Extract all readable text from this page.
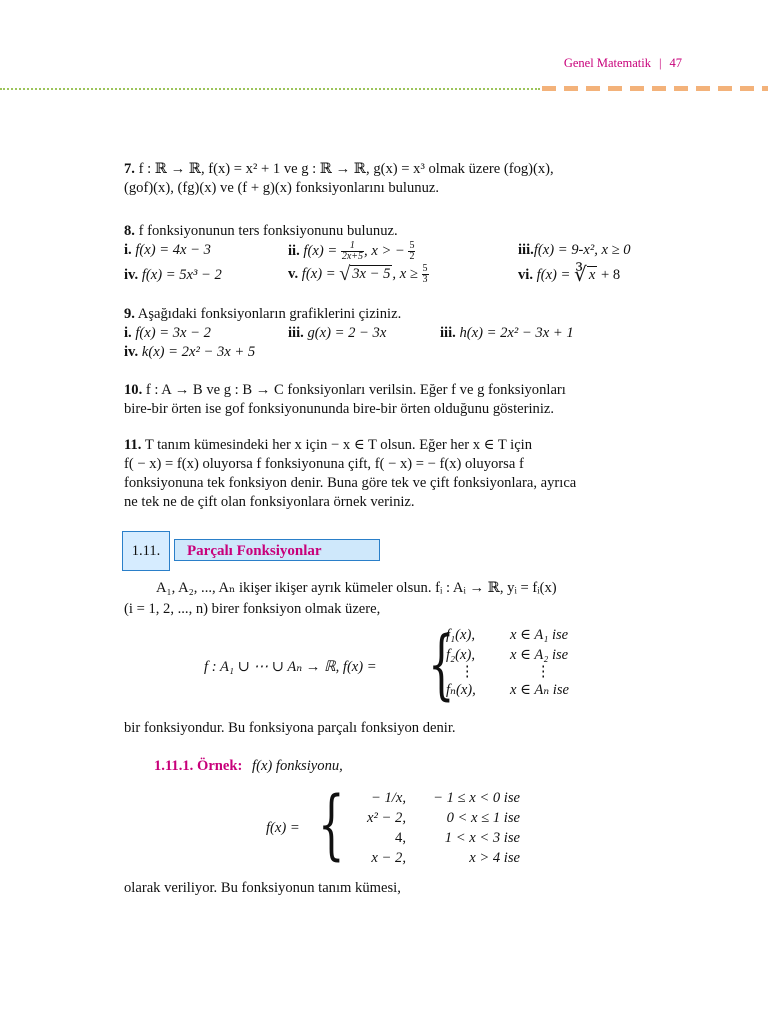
Genel Matematik | 47
7. f : ℝ → ℝ, f(x) = x² + 1 ve g : ℝ → ℝ, g(x) = x³ olmak üzere (fog)(x),
(gof)(x), (fg)(x) ve (f + g)(x) fonksiyonlarını bulunuz.
8. f fonksiyonunun ters fonksiyonunu bulunuz.
i. f(x) = 4x − 3	ii. $f(x) = \frac{1}{2x+5}$ , x > − $\frac{5}{2}$	iii.f(x) = 9-x², x ≥ 0
iv. f(x) = 5x³ − 2	v. f(x) = √ 3x − 5 , $x \ge \frac{5}{3}$	vi. f(x) = ∛ x + 8
9. Aşağıdaki fonksiyonların grafiklerini çiziniz.
i. f(x) = 3x − 2	iii. g(x) = 2 − 3x	iii. h(x) = 2x² − 3x + 1
iv. k(x) = 2x² − 3x + 5
10. f : A → B ve g : B → C fonksiyonları verilsin. Eğer f ve g fonksiyonları
bire-bir örten ise gof fonksiyonununda bire-bir örten olduğunu gösteriniz.
11. T tanım kümesindeki her x için − x ∈ T olsun. Eğer her x ∈ T için
f( − x) = f(x) oluyorsa f fonksiyonuna çift, f( − x) = − f(x) oluyorsa f
fonksiyonuna tek fonksiyon denir. Buna göre tek ve çift fonksiyonlara, ayrıca
ne tek ne de çift olan fonksiyonlara örnek veriniz.
1.11.	Parçalı Fonksiyonlar
A₁, A₂, ..., Aₙ ikişer ikişer ayrık kümeler olsun. fᵢ : Aᵢ → ℝ, yᵢ = fᵢ(x)
(i = 1, 2, ..., n) birer fonksiyon olmak üzere,
f : A₁ ∪ ⋯ ∪ Aₙ → ℝ, f(x) = {
f₁(x), x ∈ A₁ ise
f₂(x), x ∈ A₂ ise
⋮	⋮
fₙ(x), x ∈ Aₙ ise
bir fonksiyondur. Bu fonksiyona parçalı fonksiyon denir.
1.11.1. Örnek: f(x) fonksiyonu,
f(x) = { − 1/x, − 1 ≤ x < 0 ise
x² − 2,	0 < x ≤ 1 ise
4,	1 < x < 3 ise
x − 2,	x > 4 ise
olarak veriliyor. Bu fonksiyonun tanım kümesi,
